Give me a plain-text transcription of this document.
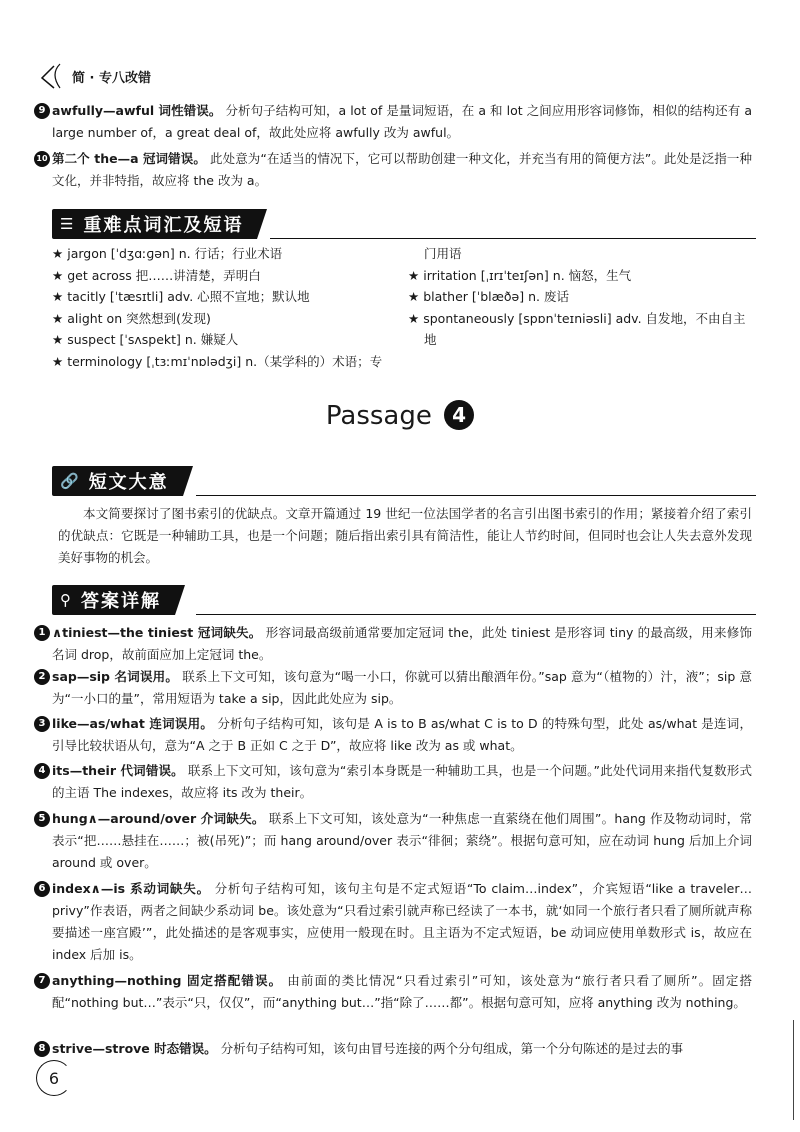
简 · 专八改错
9 awfully—awful 词性错误。 分析句子结构可知，a lot of 是量词短语，在 a 和 lot 之间应用形容词修饰，相似的结构还有 a large number of，a great deal of，故此处应将 awfully 改为 awful。
10 第二个 the—a 冠词错误。 此处意为“在适当的情况下，它可以帮助创建一种文化，并充当有用的简便方法”。此处是泛指一种文化，并非特指，故应将 the 改为 a。
☰ 重难点词汇及短语
★ jargon [ˈdʒɑːɡən] n. 行话；行业术语
★ get across 把……讲清楚，弄明白
★ tacitly [ˈtæsɪtli] adv. 心照不宣地；默认地
★ alight on 突然想到(发现)
★ suspect [ˈsʌspekt] n. 嫌疑人
★ terminology [ˌtɜːmɪˈnɒlədʒi] n.（某学科的）术语；专
门用语
★ irritation [ˌɪrɪˈteɪʃən] n. 恼怒，生气
★ blather [ˈblæðə] n. 废话
★ spontaneously [spɒnˈteɪniəsli] adv. 自发地，不由自主地
Passage 4
🔗 短文大意
本文简要探讨了图书索引的优缺点。文章开篇通过 19 世纪一位法国学者的名言引出图书索引的作用；紧接着介绍了索引的优缺点：它既是一种辅助工具，也是一个问题；随后指出索引具有简洁性，能让人节约时间，但同时也会让人失去意外发现美好事物的机会。
⚲ 答案详解
1 ∧tiniest—the tiniest 冠词缺失。 形容词最高级前通常要加定冠词 the，此处 tiniest 是形容词 tiny 的最高级，用来修饰名词 drop，故前面应加上定冠词 the。
2 sap—sip 名词误用。 联系上下文可知，该句意为“喝一小口，你就可以猜出酿酒年份。”sap 意为“（植物的）汁，液”；sip 意为“一小口的量”，常用短语为 take a sip，因此此处应为 sip。
3 like—as/what 连词误用。 分析句子结构可知，该句是 A is to B as/what C is to D 的特殊句型，此处 as/what 是连词，引导比较状语从句，意为“A 之于 B 正如 C 之于 D”，故应将 like 改为 as 或 what。
4 its—their 代词错误。 联系上下文可知，该句意为“索引本身既是一种辅助工具，也是一个问题。”此处代词用来指代复数形式的主语 The indexes，故应将 its 改为 their。
5 hung∧—around/over 介词缺失。 联系上下文可知，该处意为“一种焦虑一直萦绕在他们周围”。hang 作及物动词时，常表示“把……悬挂在……；被(吊死)”；而 hang around/over 表示“徘徊；萦绕”。根据句意可知，应在动词 hung 后加上介词 around 或 over。
6 index∧—is 系动词缺失。 分析句子结构可知，该句主句是不定式短语“To claim…index”，介宾短语“like a traveler…privy”作表语，两者之间缺少系动词 be。该处意为“只看过索引就声称已经读了一本书，就‘如同一个旅行者只看了厕所就声称要描述一座宫殿’”，此处描述的是客观事实，应使用一般现在时。且主语为不定式短语，be 动词应使用单数形式 is，故应在 index 后加 is。
7 anything—nothing 固定搭配错误。 由前面的类比情况“只看过索引”可知，该处意为“旅行者只看了厕所”。固定搭配“nothing but…”表示“只，仅仅”，而“anything but…”指“除了……都”。根据句意可知，应将 anything 改为 nothing。
8 strive—strove 时态错误。 分析句子结构可知，该句由冒号连接的两个分句组成，第一个分句陈述的是过去的事
6
